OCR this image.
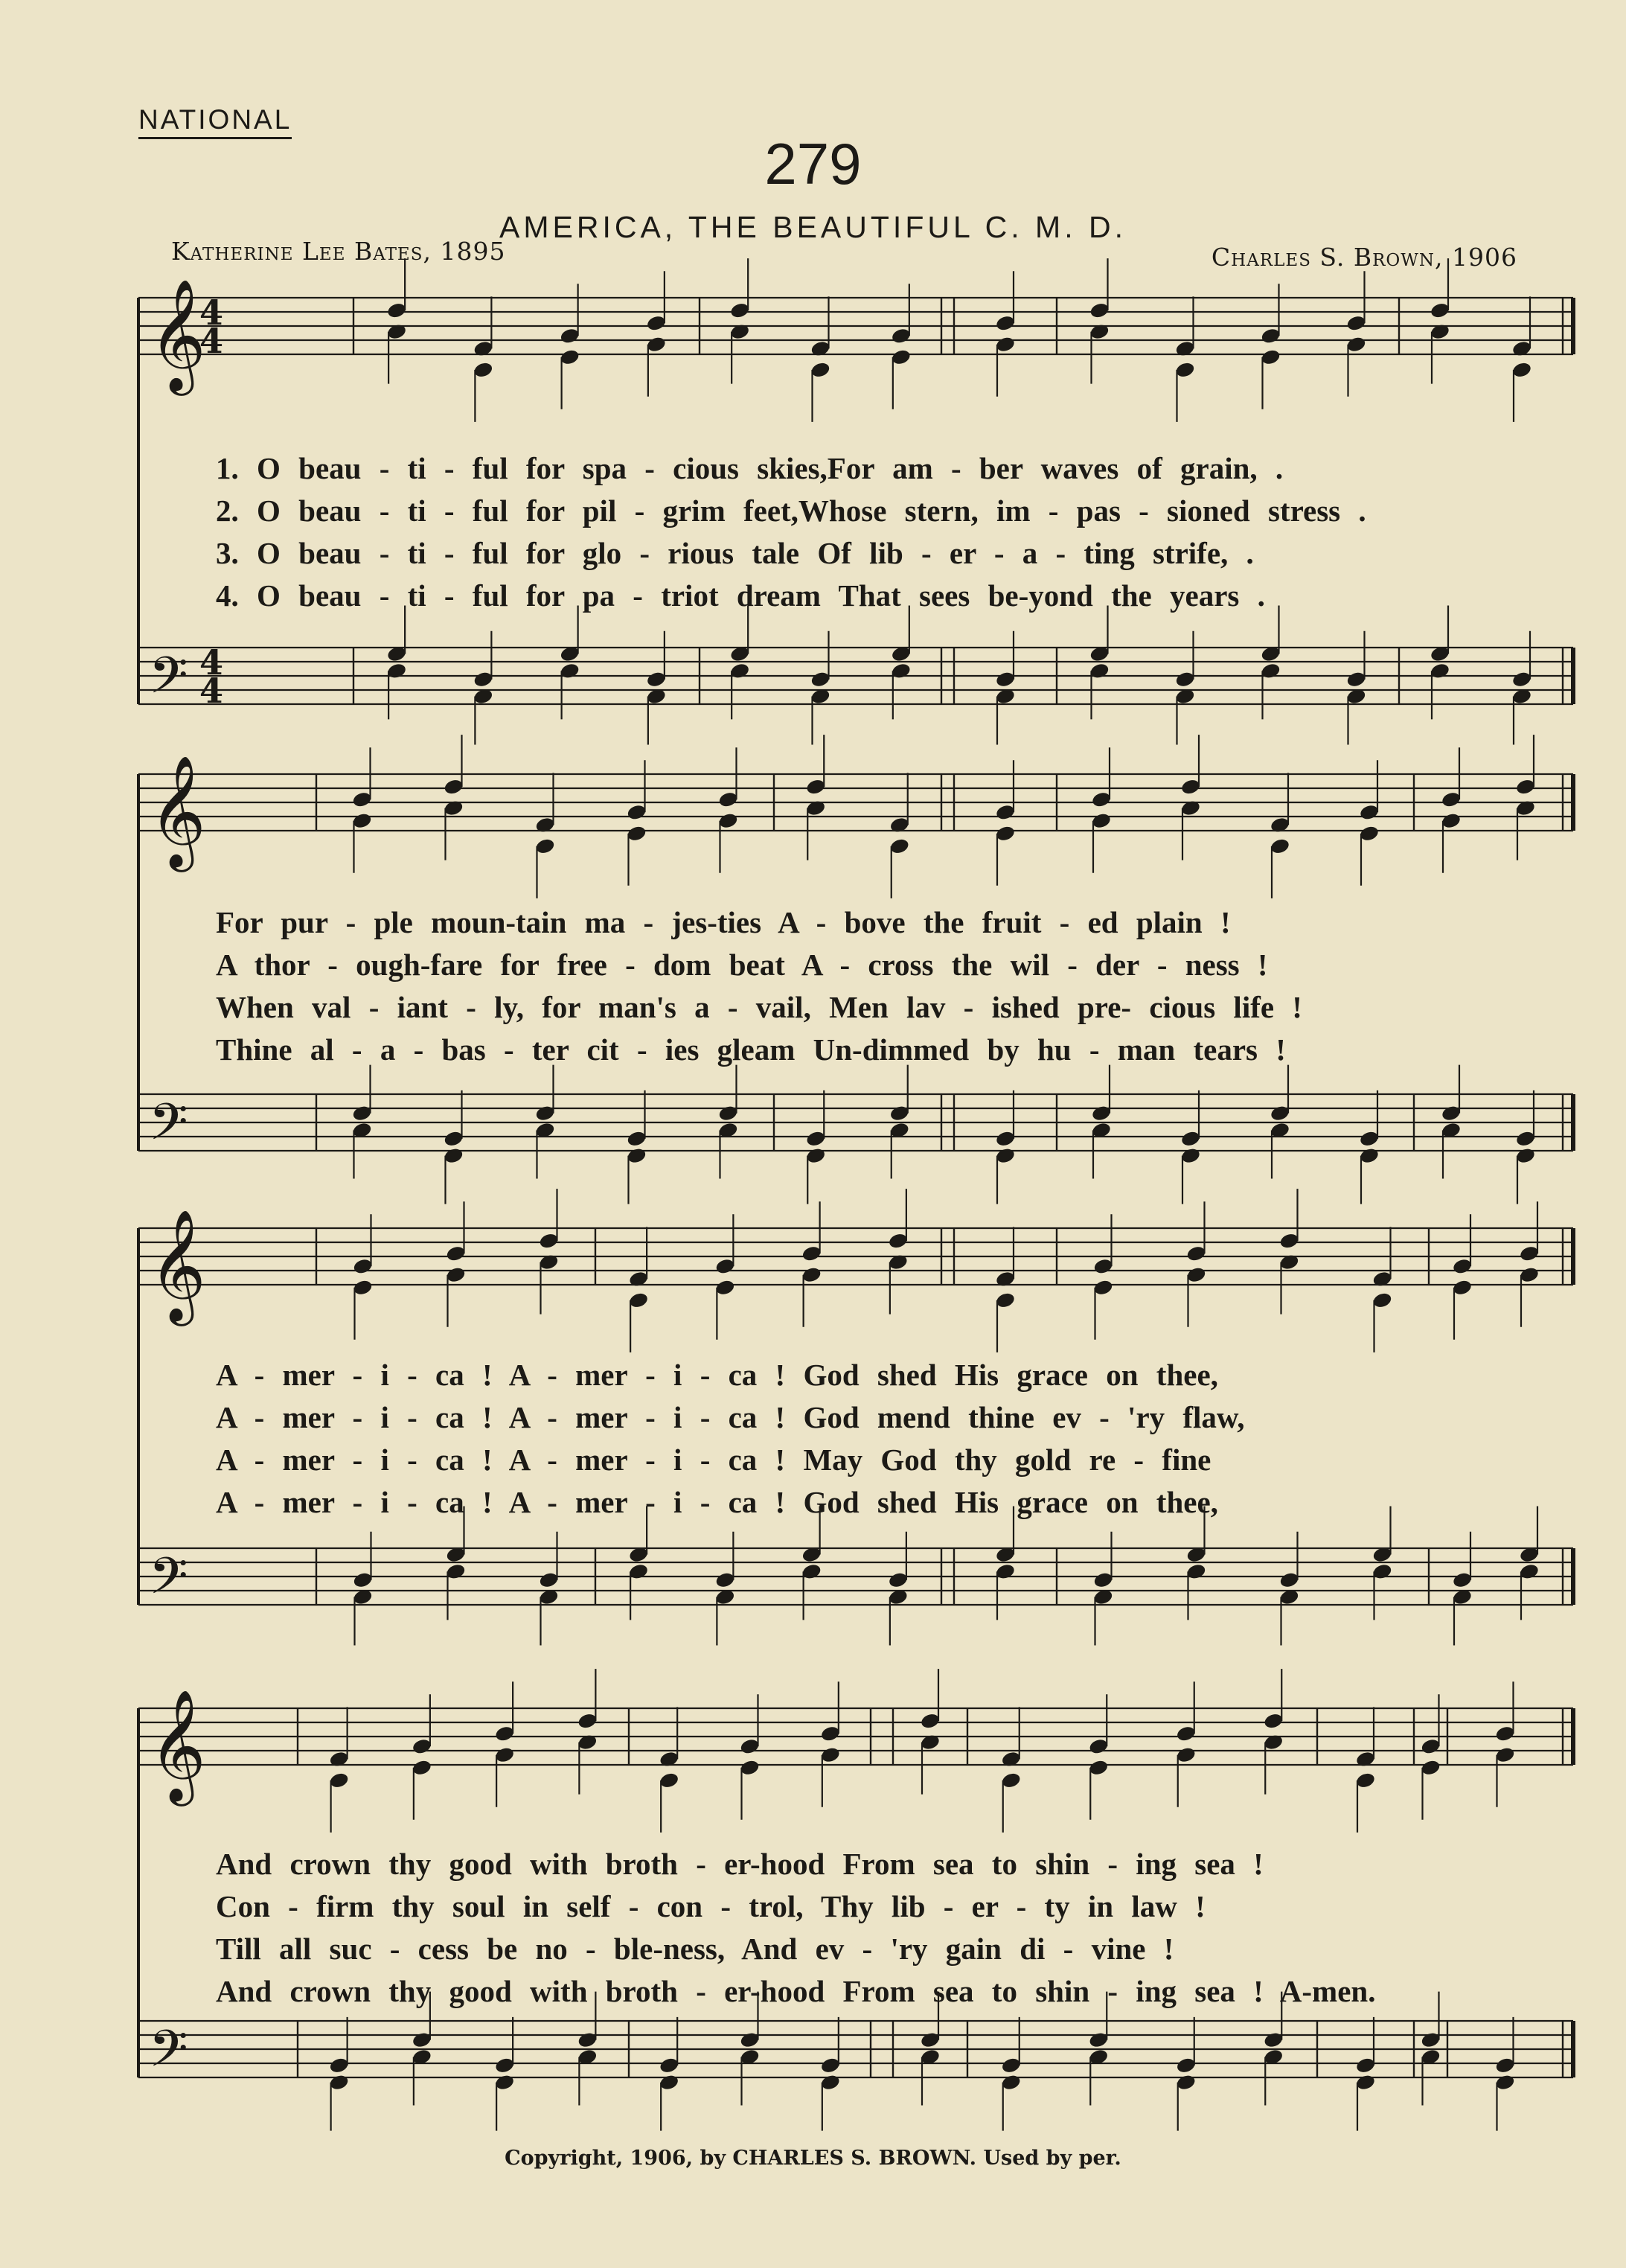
NATIONAL
279
AMERICA, THE BEAUTIFUL C. M. D.
Katherine Lee Bates, 1895	Charles S. Brown, 1906
𝄞
𝄢
𝄞
𝄢
𝄞
𝄢
𝄞
𝄢
4
4
4
4
1. O beau - ti - ful for spa - cious skies,For am - ber waves of grain, .
2. O beau - ti - ful for pil - grim feet,Whose stern, im - pas - sioned stress .
3. O beau - ti - ful for glo - rious tale Of lib - er - a - ting strife, .
4. O beau - ti - ful for pa - triot dream That sees be-yond the years .
For pur - ple moun-tain ma - jes-ties A - bove the fruit - ed plain !
A thor - ough-fare for free - dom beat A - cross the wil - der - ness !
When val - iant - ly, for man's a - vail, Men lav - ished pre- cious life !
Thine al - a - bas - ter cit - ies gleam Un-dimmed by hu - man tears !
A - mer - i - ca ! A - mer - i - ca ! God shed His grace on thee,
A - mer - i - ca ! A - mer - i - ca ! God mend thine ev - 'ry flaw,
A - mer - i - ca ! A - mer - i - ca ! May God thy gold re - fine
A - mer - i - ca ! A - mer - i - ca ! God shed His grace on thee,
And crown thy good with broth - er-hood From sea to shin - ing sea !
Con - firm thy soul in self - con - trol, Thy lib - er - ty in law !
Till all suc - cess be no - ble-ness, And ev - 'ry gain di - vine !
And crown thy good with broth - er-hood From sea to shin - ing sea ! A-men.
Copyright, 1906, by CHARLES S. BROWN. Used by per.
